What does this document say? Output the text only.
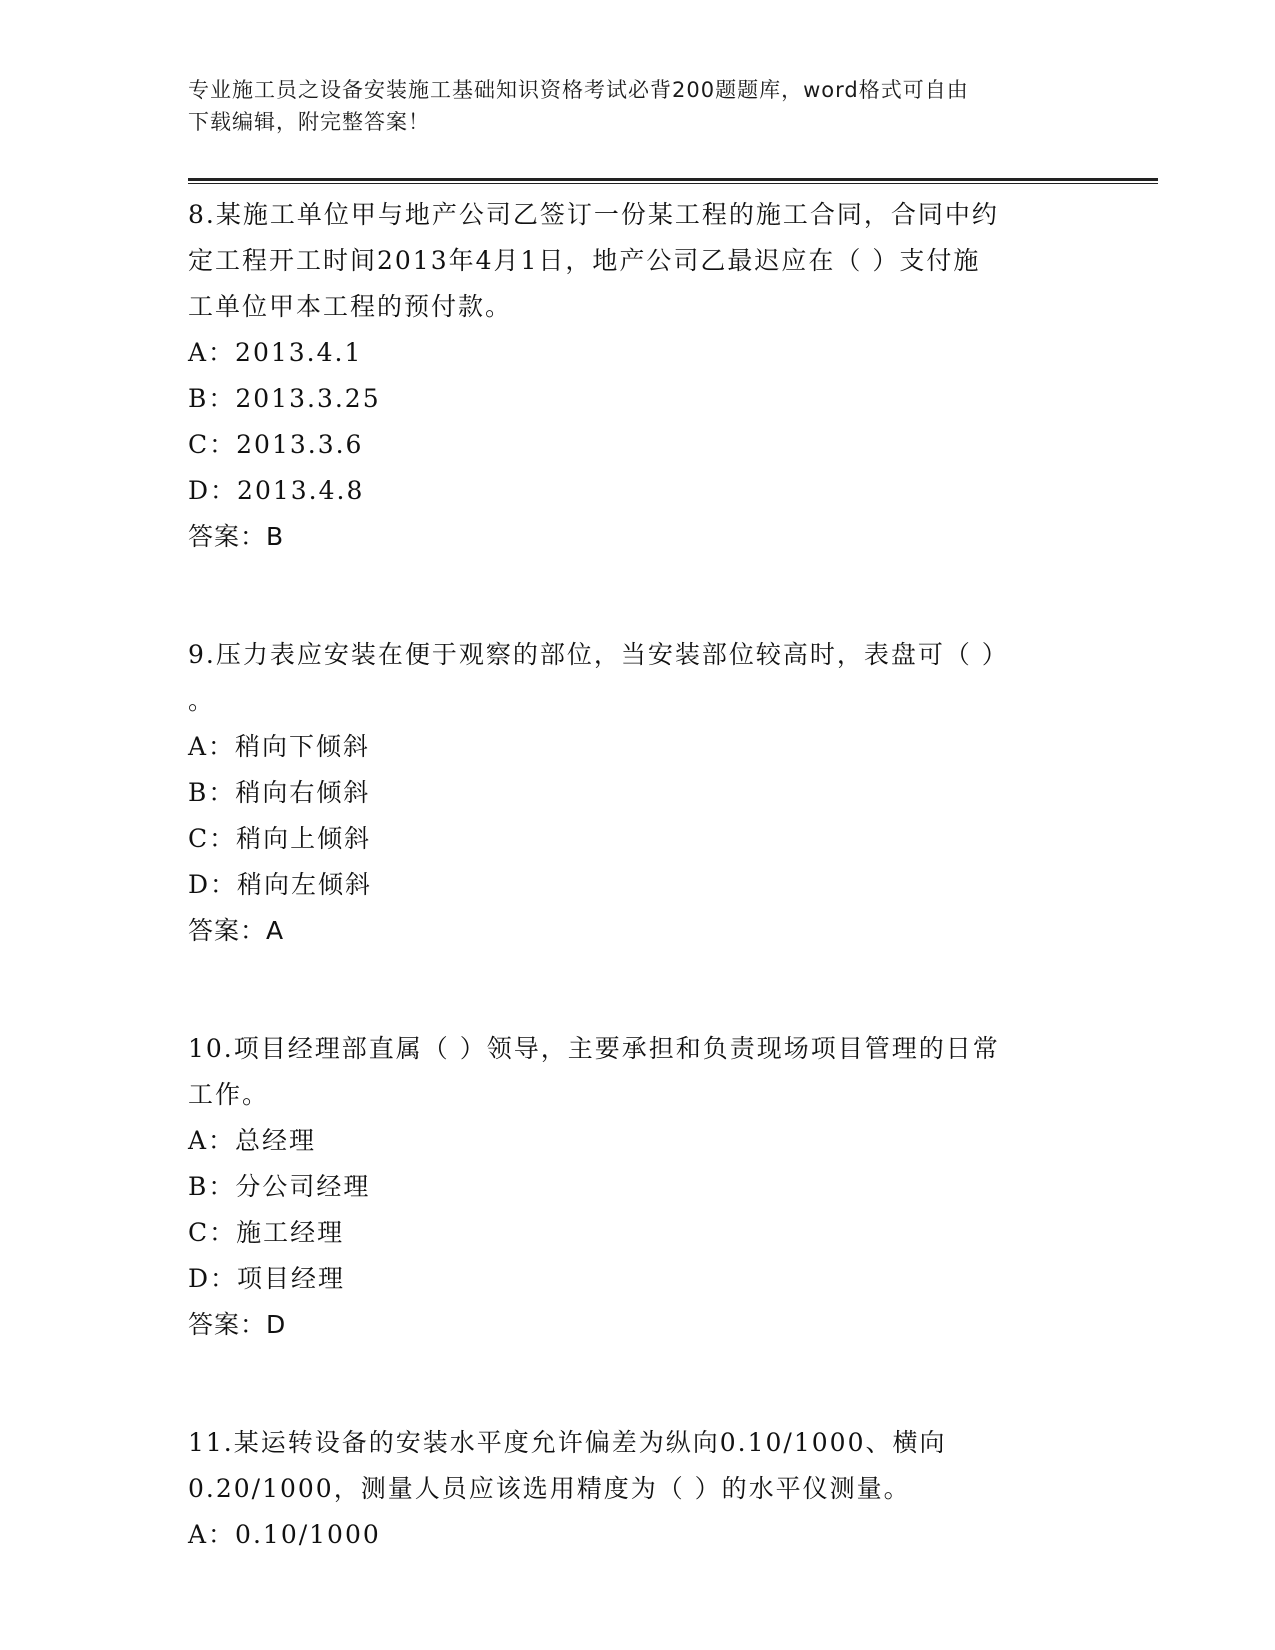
专业施工员之设备安装施工基础知识资格考试必背200题题库，word格式可自由
下载编辑，附完整答案！
8.某施工单位甲与地产公司乙签订一份某工程的施工合同，合同中约
定工程开工时间2013年4月1日，地产公司乙最迟应在（ ）支付施
工单位甲本工程的预付款。
A：2013.4.1
B：2013.3.25
C：2013.3.6
D：2013.4.8
答案：B
9.压力表应安装在便于观察的部位，当安装部位较高时，表盘可（ ）
。
A：稍向下倾斜
B：稍向右倾斜
C：稍向上倾斜
D：稍向左倾斜
答案：A
10.项目经理部直属（ ）领导，主要承担和负责现场项目管理的日常
工作。
A：总经理
B：分公司经理
C：施工经理
D：项目经理
答案：D
11.某运转设备的安装水平度允许偏差为纵向0.10/1000、横向
0.20/1000，测量人员应该选用精度为（ ）的水平仪测量。
A：0.10/1000
